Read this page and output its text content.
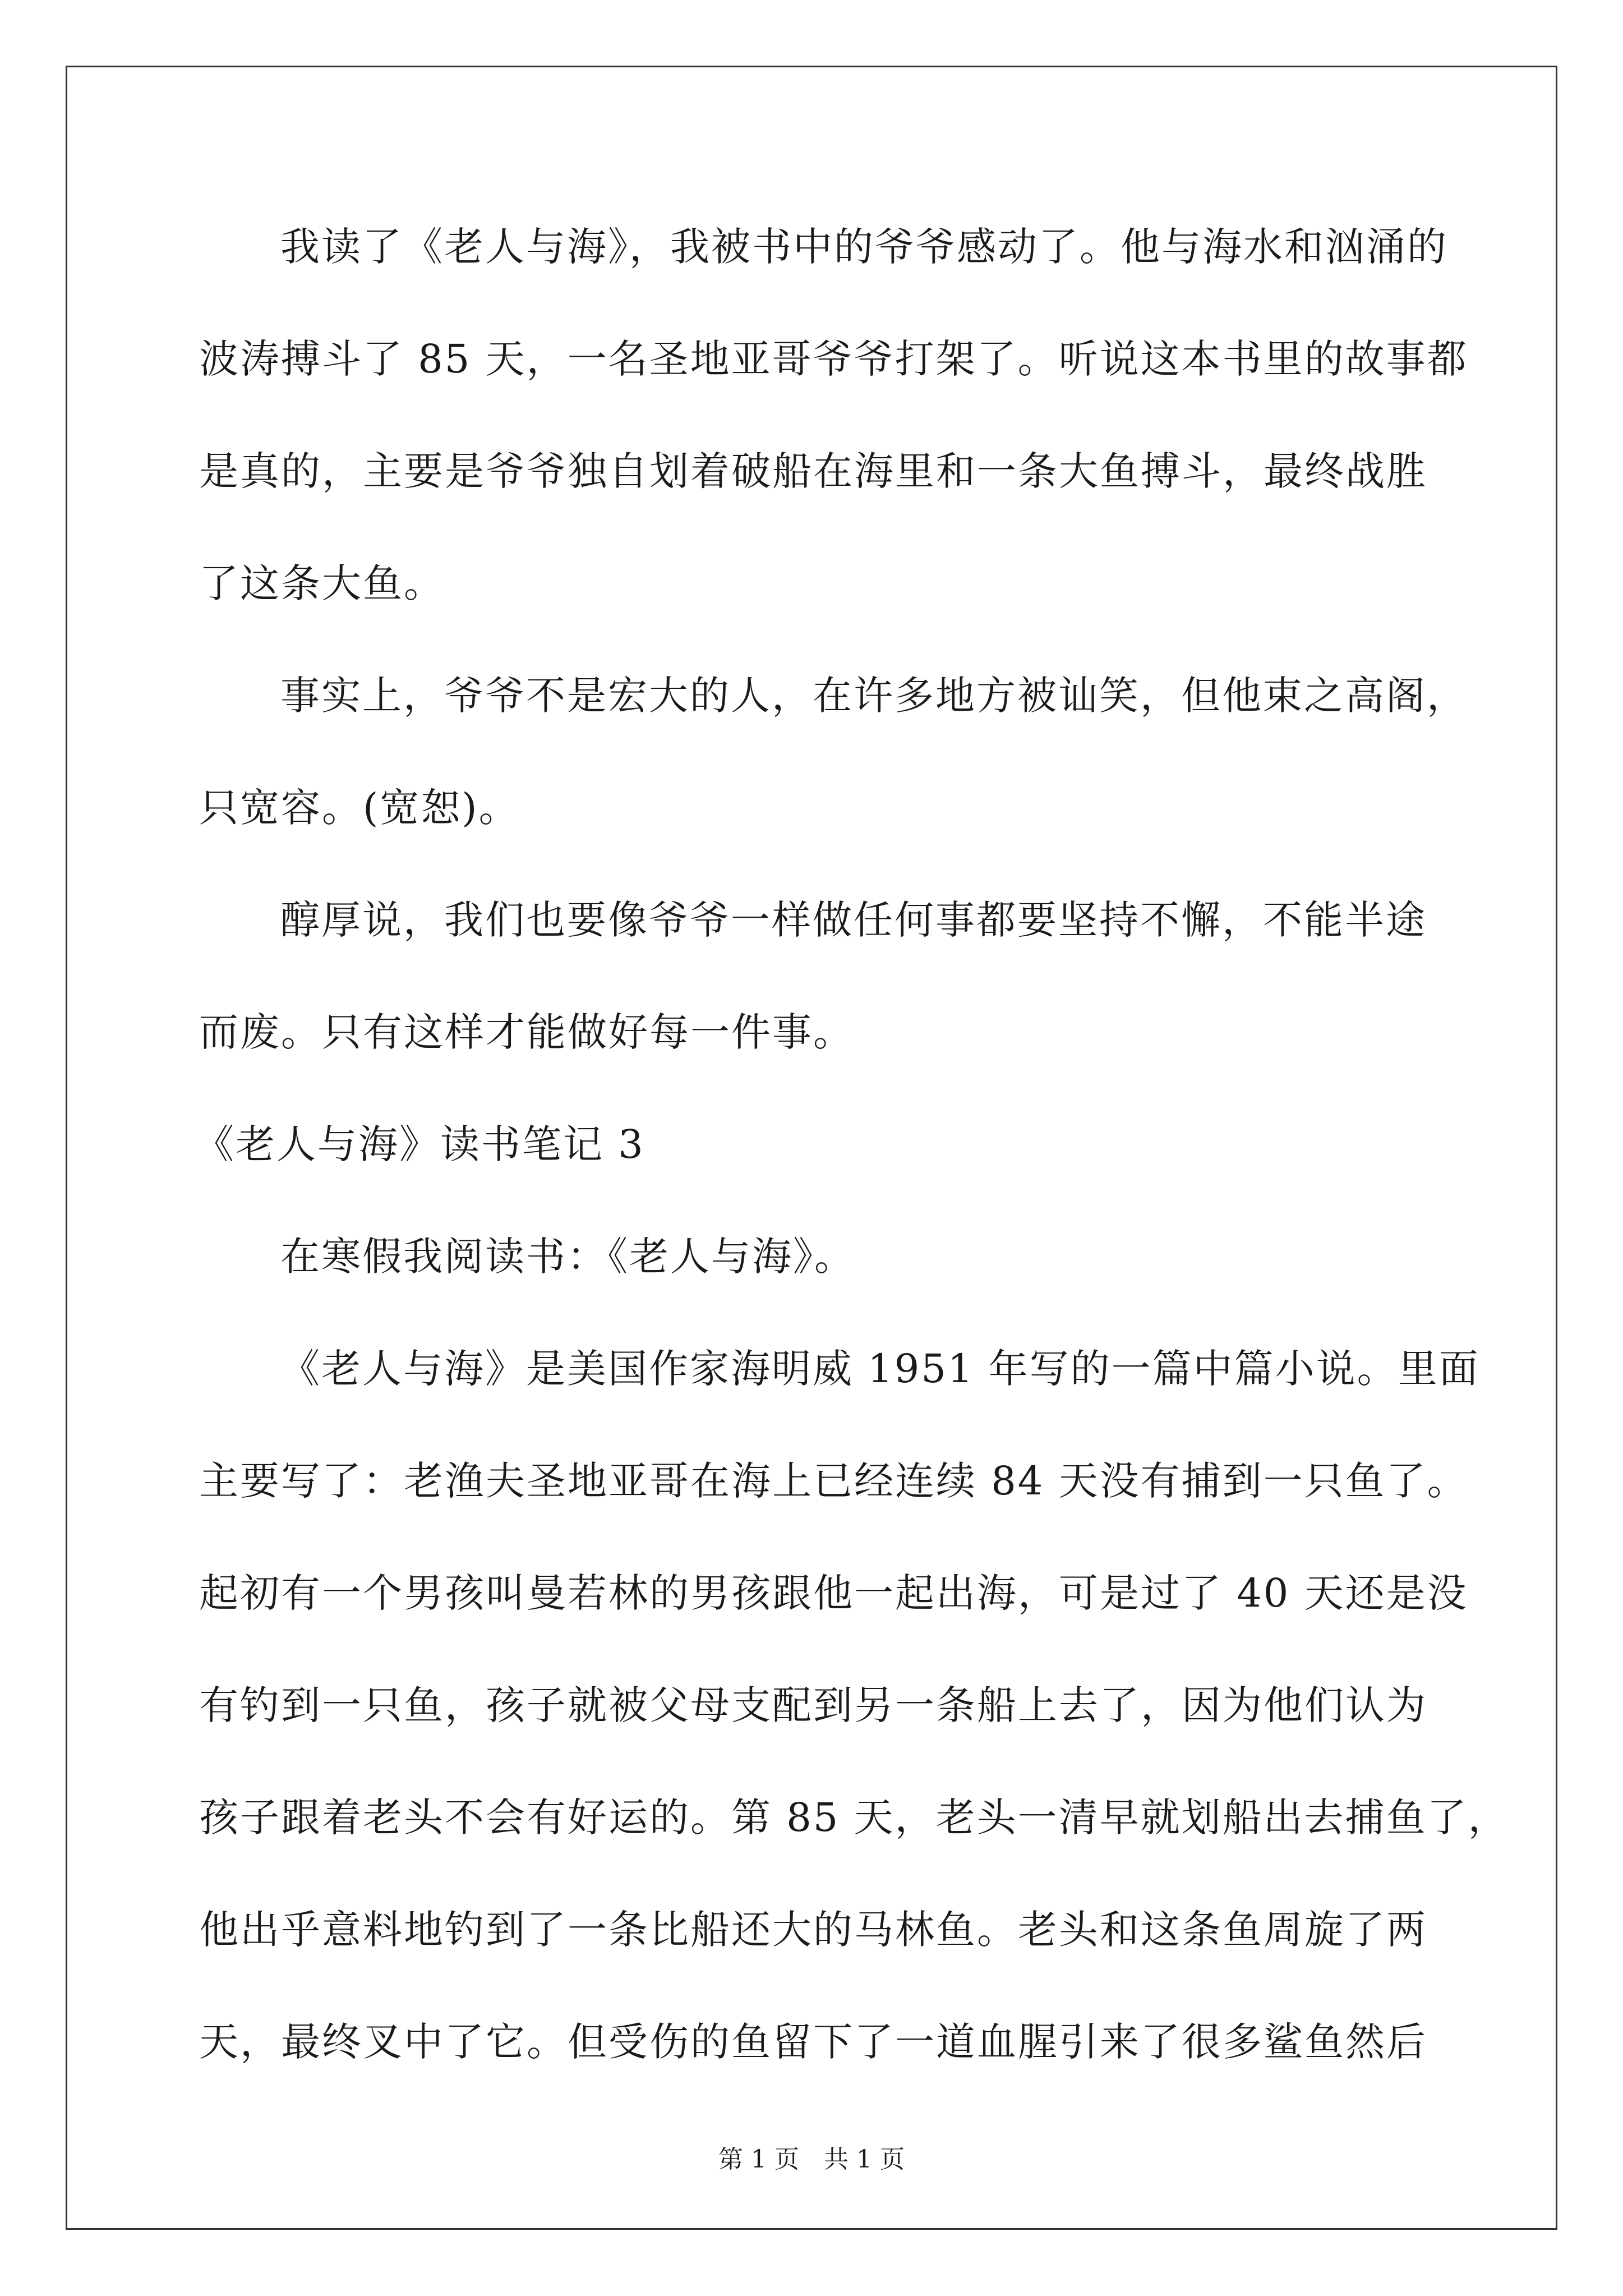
我读了《老人与海》，我被书中的爷爷感动了。他与海水和汹涌的
波涛搏斗了 85 天，一名圣地亚哥爷爷打架了。听说这本书里的故事都
是真的，主要是爷爷独自划着破船在海里和一条大鱼搏斗，最终战胜
了这条大鱼。
事实上，爷爷不是宏大的人，在许多地方被讪笑，但他束之高阁，
只宽容。(宽恕)。
醇厚说，我们也要像爷爷一样做任何事都要坚持不懈，不能半途
而废。只有这样才能做好每一件事。
《老人与海》读书笔记 3
在寒假我阅读书：《老人与海》。
《老人与海》是美国作家海明威 1951 年写的一篇中篇小说。里面
主要写了：老渔夫圣地亚哥在海上已经连续 84 天没有捕到一只鱼了。
起初有一个男孩叫曼若林的男孩跟他一起出海，可是过了 40 天还是没
有钓到一只鱼，孩子就被父母支配到另一条船上去了，因为他们认为
孩子跟着老头不会有好运的。第 85 天，老头一清早就划船出去捕鱼了，
他出乎意料地钓到了一条比船还大的马林鱼。老头和这条鱼周旋了两
天，最终叉中了它。但受伤的鱼留下了一道血腥引来了很多鲨鱼然后
第 1 页　共 1 页
